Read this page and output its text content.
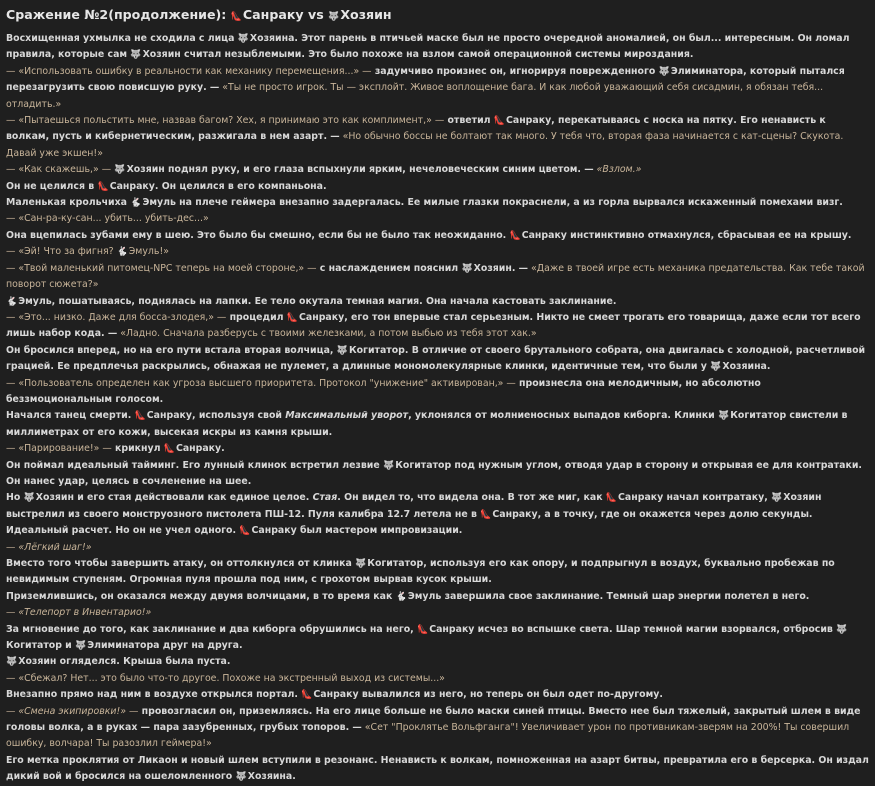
Сражение №2(продолжение): 👠Санраку vs 🐺Хозяин

Восхищенная ухмылка не сходила с лица 🐺Хозяина. Этот парень в птичьей маске был не просто очередной аномалией, он был... интересным. Он ломал правила, которые сам 🐺Хозяин считал незыблемыми. Это было похоже на взлом самой операционной системы мироздания.

— «Использовать ошибку в реальности как механику перемещения...» — задумчиво произнес он, игнорируя поврежденного 🐺Элиминатора, который пытался перезагрузить свою повисшую руку. — «Ты не просто игрок. Ты — эксплойт. Живое воплощение бага. И как любой уважающий себя сисадмин, я обязан тебя... отладить.»

— «Пытаешься польстить мне, назвав багом? Хех, я принимаю это как комплимент,» — ответил 👠Санраку, перекатываясь с носка на пятку. Его ненависть к волкам, пусть и кибернетическим, разжигала в нем азарт. — «Но обычно боссы не болтают так много. У тебя что, вторая фаза начинается с кат-сцены? Скукота. Давай уже экшен!»

— «Как скажешь,» — 🐺Хозяин поднял руку, и его глаза вспыхнули ярким, нечеловеческим синим цветом. — «Взлом.»

Он не целился в 👠Санраку. Он целился в его компаньона.

Маленькая крольчиха 🐇Эмуль на плече геймера внезапно задергалась. Ее милые глазки покраснели, а из горла вырвался искаженный помехами визг.

— «Сан-ра-ку-сан... убить... убить-дес...»

Она вцепилась зубами ему в шею. Это было бы смешно, если бы не было так неожиданно. 👠Санраку инстинктивно отмахнулся, сбрасывая ее на крышу.

— «Эй! Что за фигня? 🐇Эмуль!»

— «Твой маленький питомец-NPC теперь на моей стороне,» — с наслаждением пояснил 🐺Хозяин. — «Даже в твоей игре есть механика предательства. Как тебе такой поворот сюжета?»

🐇Эмуль, пошатываясь, поднялась на лапки. Ее тело окутала темная магия. Она начала кастовать заклинание.

— «Это... низко. Даже для босса-злодея,» — процедил 👠Санраку, его тон впервые стал серьезным. Никто не смеет трогать его товарища, даже если тот всего лишь набор кода. — «Ладно. Сначала разберусь с твоими железками, а потом выбью из тебя этот хак.»

Он бросился вперед, но на его пути встала вторая волчица, 🐺Когитатор. В отличие от своего брутального собрата, она двигалась с холодной, расчетливой грацией. Ее предплечья раскрылись, обнажая не пулемет, а длинные мономолекулярные клинки, идентичные тем, что были у 🐺Хозяина.

— «Пользователь определен как угроза высшего приоритета. Протокол "унижение" активирован,» — произнесла она мелодичным, но абсолютно беззмоциональным голосом.

Начался танец смерти. 👠Санраку, используя свой Максимальный уворот, уклонялся от молниеносных выпадов киборга. Клинки 🐺Когитатор свистели в миллиметрах от его кожи, высекая искры из камня крыши.

— «Парирование!» — крикнул 👠Санраку.

Он поймал идеальный тайминг. Его лунный клинок встретил лезвие 🐺Когитатор под нужным углом, отводя удар в сторону и открывая ее для контратаки. Он нанес удар, целясь в сочленение на шее.

Но 🐺Хозяин и его стая действовали как единое целое. Стая. Он видел то, что видела она. В тот же миг, как 👠Санраку начал контратаку, 🐺Хозяин выстрелил из своего монструозного пистолета ПШ-12. Пуля калибра 12.7 летела не в 👠Санраку, а в точку, где он окажется через долю секунды.

Идеальный расчет. Но он не учел одного. 👠Санраку был мастером импровизации.

— «Лёгкий шаг!»

Вместо того чтобы завершить атаку, он оттолкнулся от клинка 🐺Когитатор, используя его как опору, и подпрыгнул в воздух, буквально пробежав по невидимым ступеням. Огромная пуля прошла под ним, с грохотом вырвав кусок крыши.

Приземлившись, он оказался между двумя волчицами, в то время как 🐇Эмуль завершила свое заклинание. Темный шар энергии полетел в него.

— «Телепорт в Инвентарио!»

За мгновение до того, как заклинание и два киборга обрушились на него, 👠Санраку исчез во вспышке света. Шар темной магии взорвался, отбросив 🐺Когитатор и 🐺Элиминатора друг на друга.

🐺Хозяин огляделся. Крыша была пуста.

— «Сбежал? Нет... это было что-то другое. Похоже на экстренный выход из системы...»

Внезапно прямо над ним в воздухе открылся портал. 👠Санраку вывалился из него, но теперь он был одет по-другому.

— «Смена экипировки!» — провозгласил он, приземляясь. На его лице больше не было маски синей птицы. Вместо нее был тяжелый, закрытый шлем в виде головы волка, а в руках — пара зазубренных, грубых топоров. — «Сет "Проклятье Вольфганга"! Увеличивает урон по противникам-зверям на 200%! Ты совершил ошибку, волчара! Ты разозлил геймера!»

Его метка проклятия от Ликаон и новый шлем вступили в резонанс. Ненависть к волкам, помноженная на азарт битвы, превратила его в берсерка. Он издал дикий вой и бросился на ошеломленного 🐺Хозяина.
